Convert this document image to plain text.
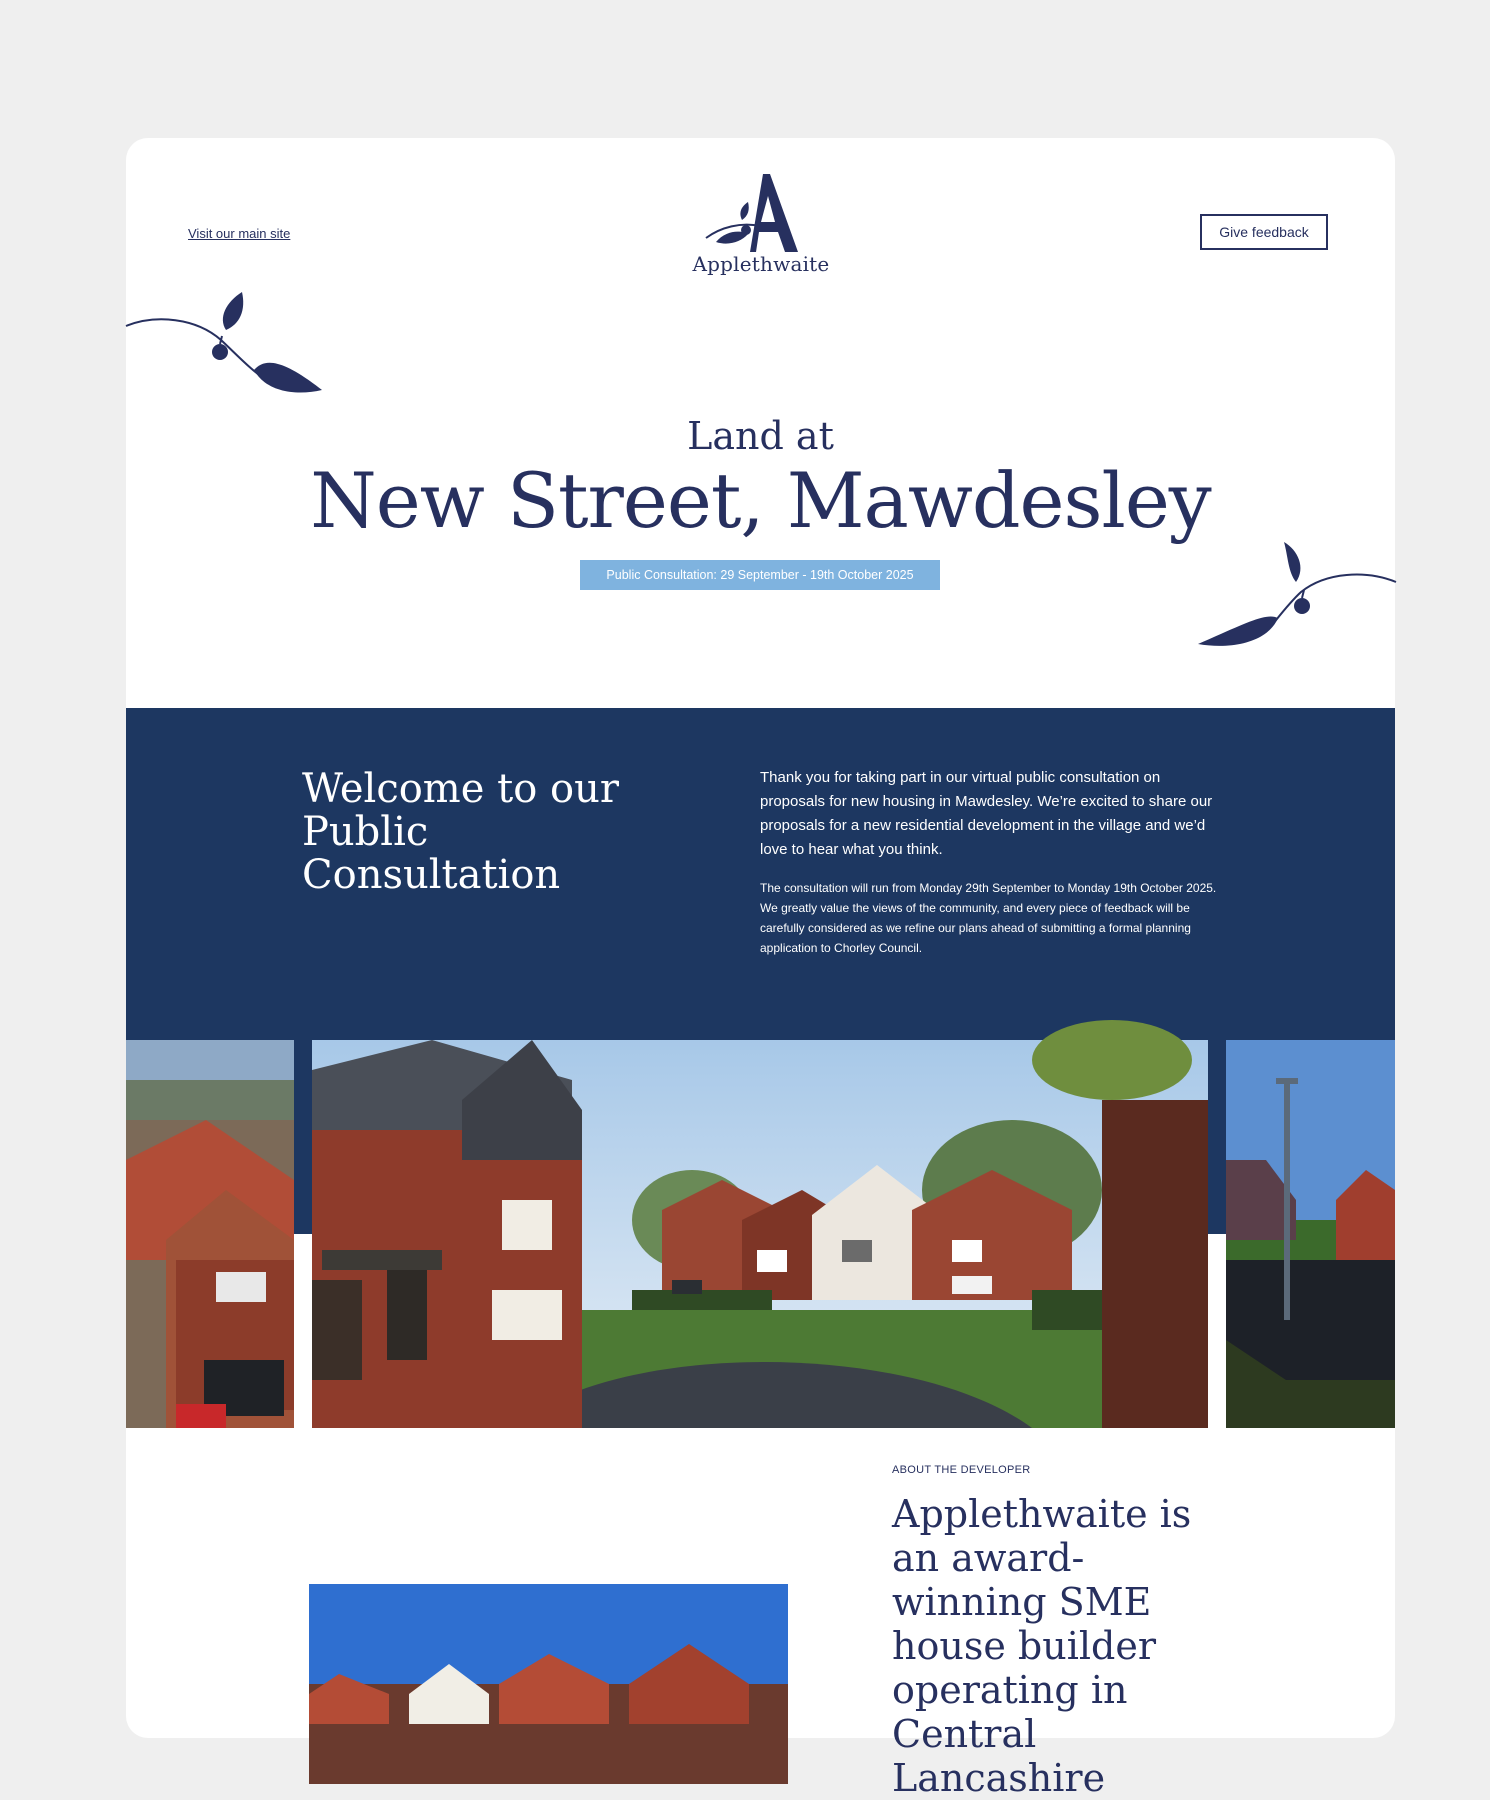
Visit our main site
Applethwaite
Give feedback
Land at
New Street, Mawdesley
Public Consultation: 29 September - 19th October 2025
Welcome to our Public Consultation
Thank you for taking part in our virtual public consultation on proposals for new housing in Mawdesley. We’re excited to share our proposals for a new residential development in the village and we’d love to hear what you think.
The consultation will run from Monday 29th September to Monday 19th October 2025. We greatly value the views of the community, and every piece of feedback will be carefully considered as we refine our plans ahead of submitting a formal planning application to Chorley Council.
ABOUT THE DEVELOPER
Applethwaite is an award-winning SME house builder operating in Central Lancashire
